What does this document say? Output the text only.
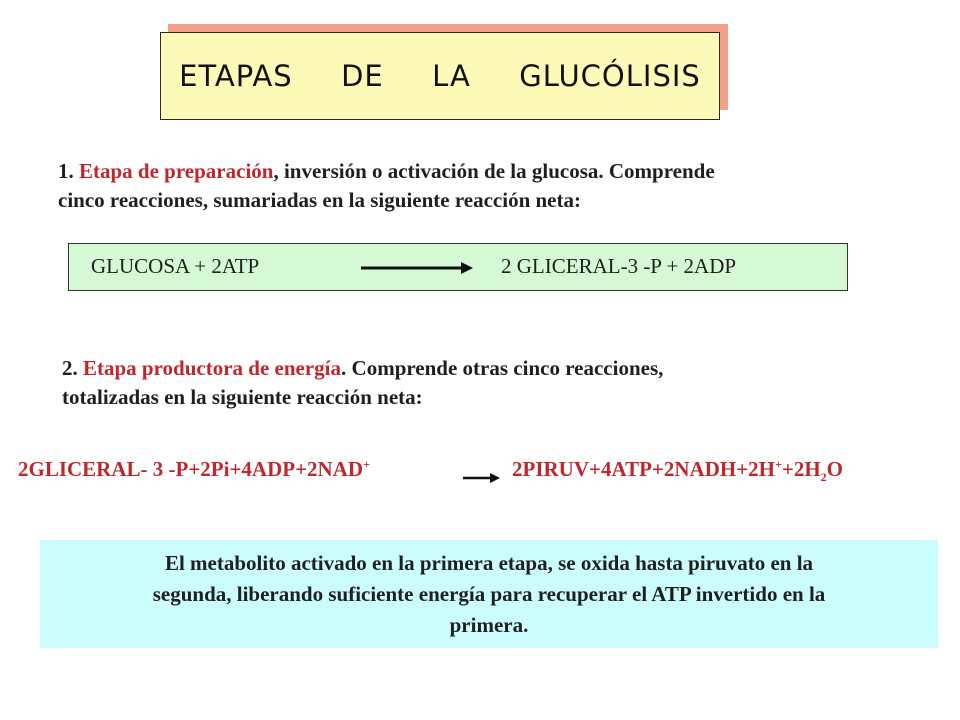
ETAPAS  DE  LA  GLUCÓLISIS
1. Etapa de preparación, inversión o activación de la glucosa. Comprende
cinco reacciones, sumariadas en la siguiente reacción neta:
GLUCOSA + 2ATP	2 GLICERAL-3 -P + 2ADP
2. Etapa productora de energía. Comprende otras cinco reacciones,
totalizadas en la siguiente reacción neta:
2GLICERAL- 3 $-P+2Pi+4ADP+2NAD^+ \to 2PIRUV+4ATP+2NADH+2H^++2H_2O$
El metabolito activado en la primera etapa, se oxida hasta piruvato en la
segunda, liberando suficiente energía para recuperar el ATP invertido en la
primera.
